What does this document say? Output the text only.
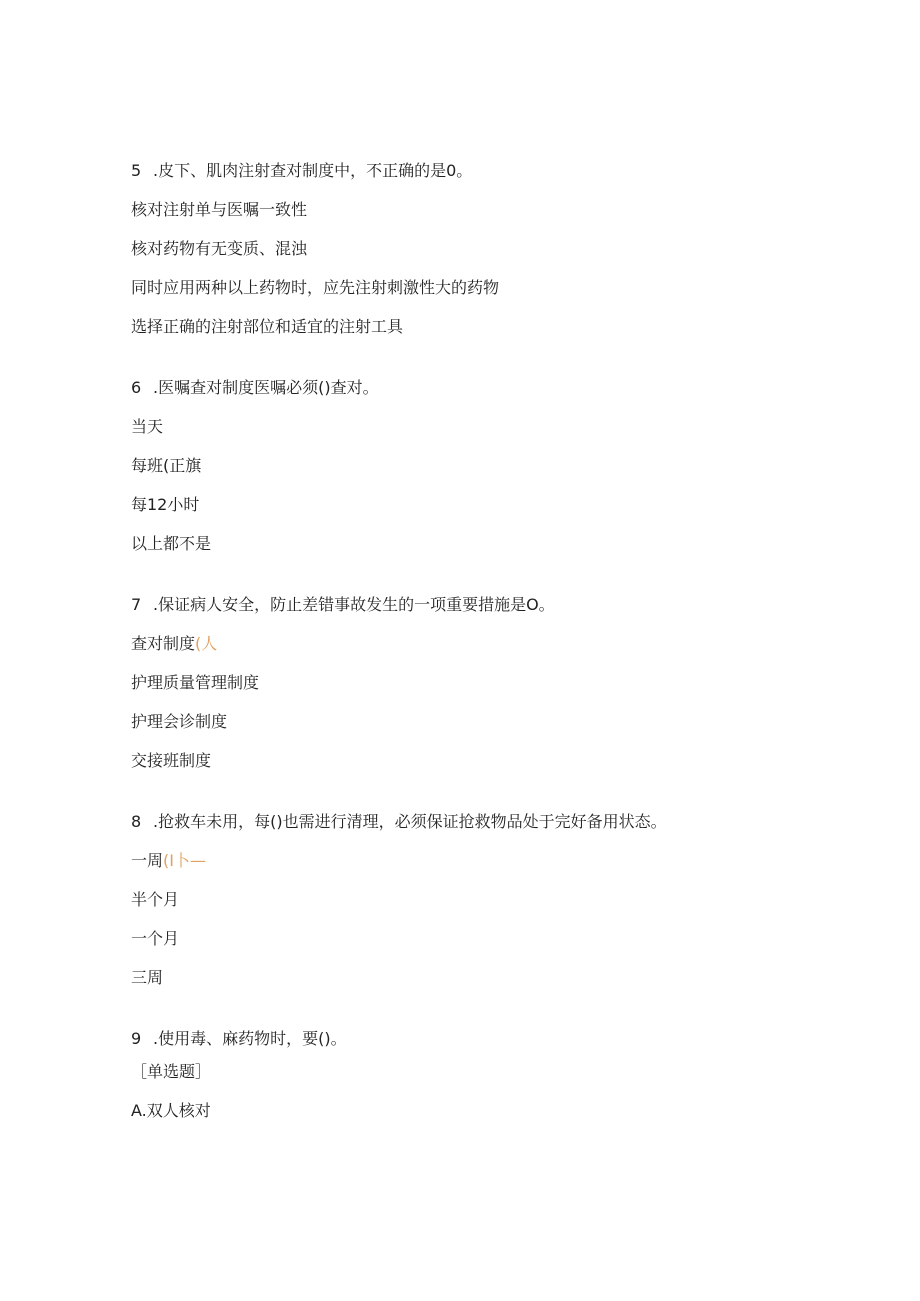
5 .皮下、肌肉注射查对制度中，不正确的是0。
核对注射单与医嘱一致性
核对药物有无变质、混浊
同时应用两种以上药物时，应先注射刺激性大的药物
选择正确的注射部位和适宜的注射工具
6 .医嘱查对制度医嘱必须()查对。
当天
每班(正旗
每12小时
以上都不是
7 .保证病人安全，防止差错事故发生的一项重要措施是O。
查对制度(人
护理质量管理制度
护理会诊制度
交接班制度
8 .抢救车未用，每()也需进行清理，必须保证抢救物品处于完好备用状态。
一周(I卜—
半个月
一个月
三周
9 .使用毒、麻药物时，要()。
［单选题］
A.双人核对
